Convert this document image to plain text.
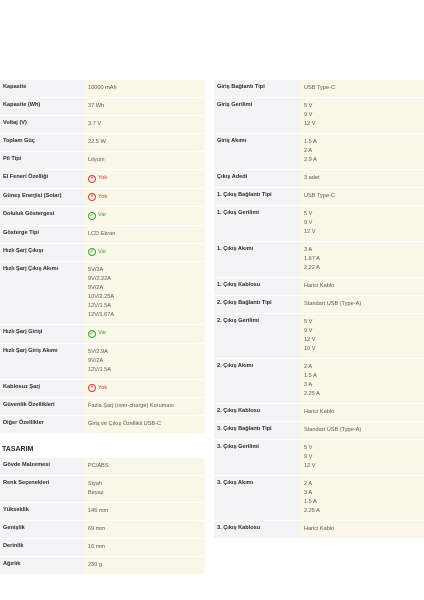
Kapasite	10000 mAh
Kapasite (Wh)	37 Wh
Voltaj (V)	3.7 V
Toplam Güç	22.5 W
Pil Tipi	Lityum
El Feneri Özelliği	× Yok
Güneş Enerjisi (Solar)	× Yok
Doluluk Göstergesi	✓ Var
Gösterge Tipi	LCD Ekran
Hızlı Şarj Çıkışı	✓ Var
Hızlı Şarj Çıkış Akımı	5V/3A
9V/2.22A
9V/2A
10V/2.25A
12V/1.5A
12V/1.67A
Hızlı Şarj Girişi	✓ Var
Hızlı Şarj Giriş Akımı	5V/2.9A
9V/2A
12V/1.5A
Kablosuz Şarj	× Yok
Güvenlik Özellikleri	Fazla Şarj (over-charge) Koruması
Diğer Özellikler	Giriş ve Çıkış Özellikli USB-C
TASARIM
Gövde Malzemesi	PC/ABS
Renk Seçenekleri	Siyah
Beyaz
Yükseklik	145 mm
Genişlik	69 mm
Derinlik	16 mm
Ağırlık	230 g
Giriş Bağlantı Tipi	USB Type-C
Giriş Gerilimi	5 V
9 V
12 V
Giriş Akımı	1.5 A
2 A
2.9 A
Çıkış Adedi	3 adet
1. Çıkış Bağlantı Tipi	USB Type-C
1. Çıkış Gerilimi	5 V
9 V
12 V
1. Çıkış Akımı	3 A
1.67 A
2.22 A
1. Çıkış Kablosu	Harici Kablo
2. Çıkış Bağlantı Tipi	Standart USB (Type-A)
2. Çıkış Gerilimi	5 V
9 V
12 V
10 V
2. Çıkış Akımı	2 A
1.5 A
3 A
2.25 A
2. Çıkış Kablosu	Harici Kablo
3. Çıkış Bağlantı Tipi	Standart USB (Type-A)
3. Çıkış Gerilimi	5 V
9 V
12 V
3. Çıkış Akımı	2 A
3 A
1.5 A
2.25 A
3. Çıkış Kablosu	Harici Kablo
